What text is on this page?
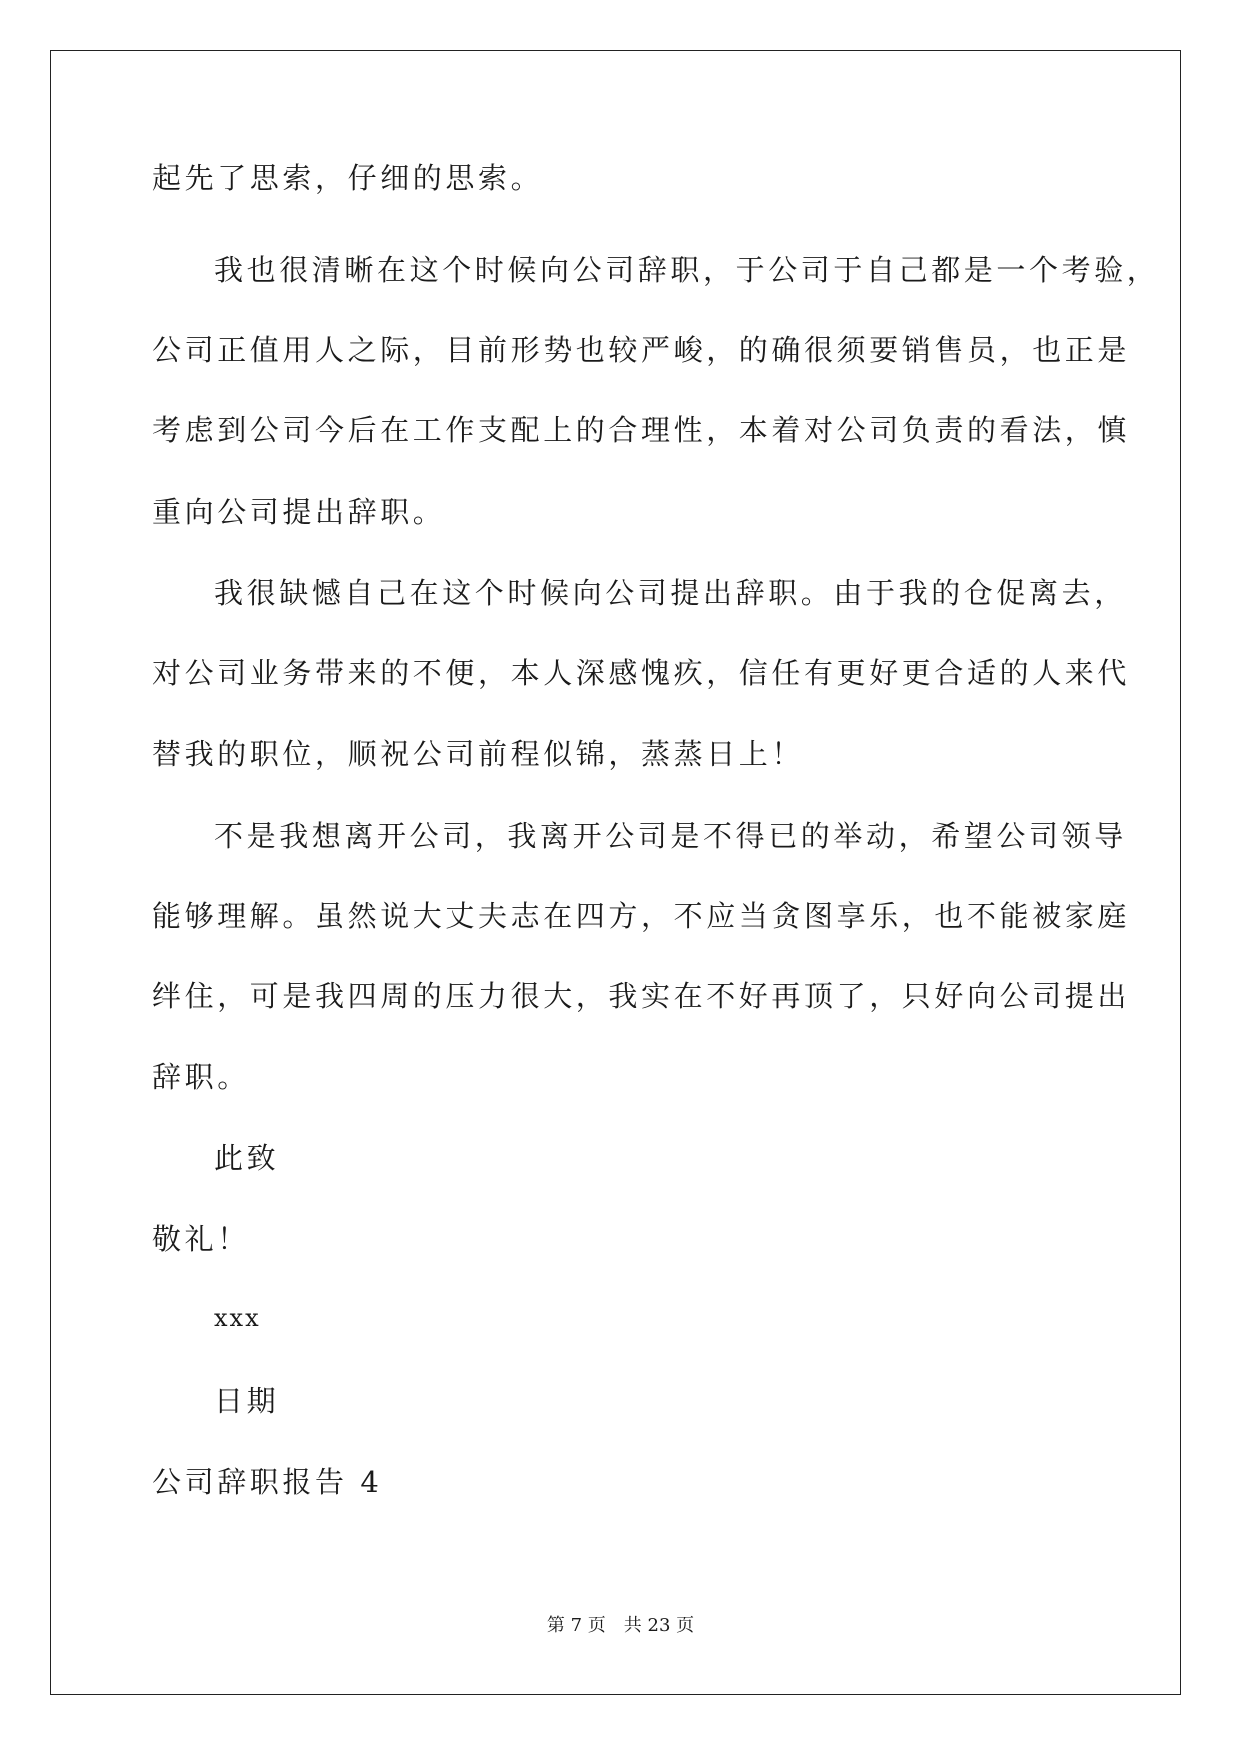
起先了思索，仔细的思索。
我也很清晰在这个时候向公司辞职，于公司于自己都是一个考验，
公司正值用人之际，目前形势也较严峻，的确很须要销售员，也正是
考虑到公司今后在工作支配上的合理性，本着对公司负责的看法，慎
重向公司提出辞职。
我很缺憾自己在这个时候向公司提出辞职。由于我的仓促离去，
对公司业务带来的不便，本人深感愧疚，信任有更好更合适的人来代
替我的职位，顺祝公司前程似锦，蒸蒸日上！
不是我想离开公司，我离开公司是不得已的举动，希望公司领导
能够理解。虽然说大丈夫志在四方，不应当贪图享乐，也不能被家庭
绊住，可是我四周的压力很大，我实在不好再顶了，只好向公司提出
辞职。
此致
敬礼！
xxx
日期
公司辞职报告 4
第 7 页 共 23 页
